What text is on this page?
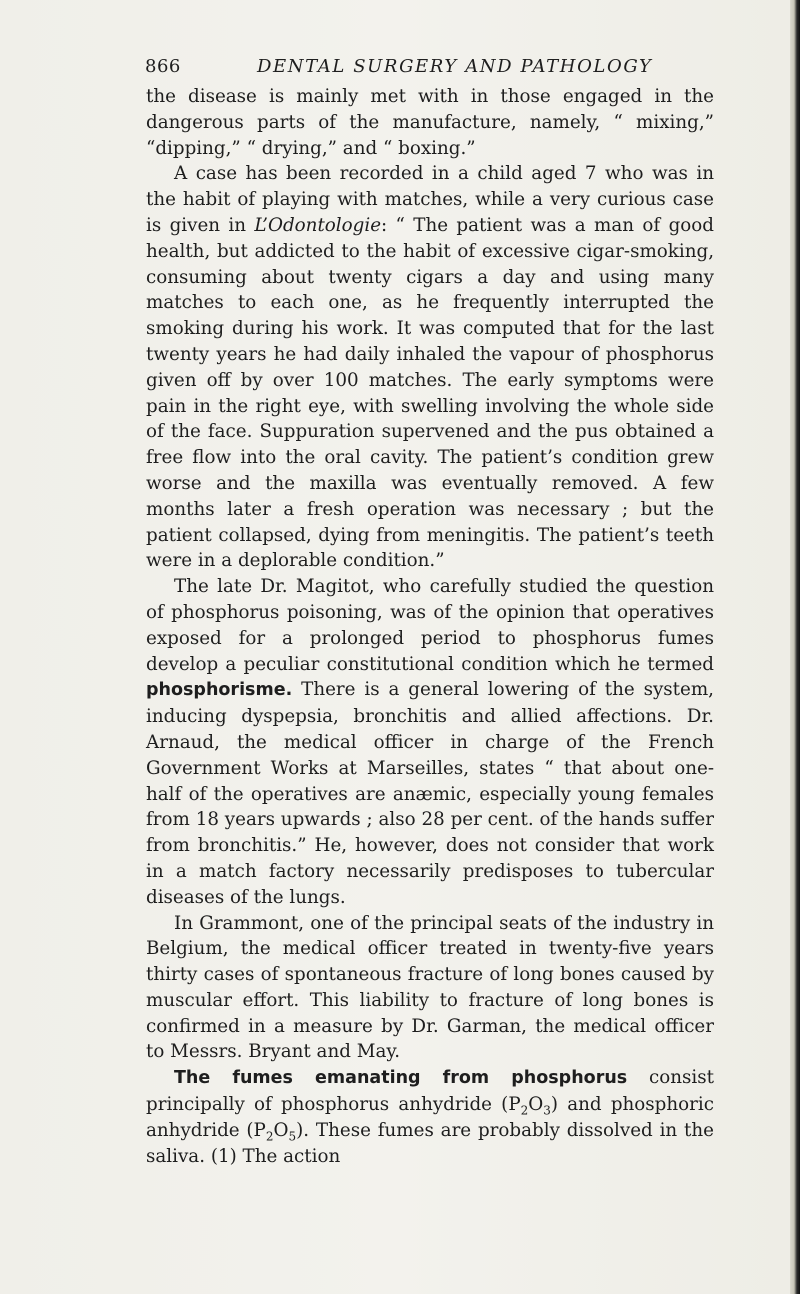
866	DENTAL SURGERY AND PATHOLOGY

the disease is mainly met with in those engaged in the dangerous parts of the manufacture, namely, “ mixing,” “dipping,” “ drying,” and “ boxing.”

A case has been recorded in a child aged 7 who was in the habit of playing with matches, while a very curious case is given in L’Odontologie: “ The patient was a man of good health, but addicted to the habit of excessive cigar-smoking, consuming about twenty cigars a day and using many matches to each one, as he frequently interrupted the smoking during his work. It was computed that for the last twenty years he had daily inhaled the vapour of phosphorus given off by over 100 matches. The early symptoms were pain in the right eye, with swelling involving the whole side of the face. Suppuration supervened and the pus obtained a free flow into the oral cavity. The patient’s condition grew worse and the maxilla was eventually removed. A few months later a fresh operation was necessary ; but the patient collapsed, dying from meningitis. The patient’s teeth were in a deplorable condition.”

The late Dr. Magitot, who carefully studied the question of phosphorus poisoning, was of the opinion that operatives exposed for a prolonged period to phosphorus fumes develop a peculiar constitutional condition which he termed phosphorisme. There is a general lowering of the system, inducing dyspepsia, bronchitis and allied affections. Dr. Arnaud, the medical officer in charge of the French Government Works at Marseilles, states “ that about one-half of the operatives are anæmic, especially young females from 18 years upwards ; also 28 per cent. of the hands suffer from bronchitis.” He, however, does not consider that work in a match factory necessarily predisposes to tubercular diseases of the lungs.

In Grammont, one of the principal seats of the industry in Belgium, the medical officer treated in twenty-five years thirty cases of spontaneous fracture of long bones caused by muscular effort. This liability to fracture of long bones is confirmed in a measure by Dr. Garman, the medical officer to Messrs. Bryant and May.

The fumes emanating from phosphorus consist principally of phosphorus anhydride $(P_2O_3)$ and phosphoric anhydride $(P_2O_5)$. These fumes are probably dissolved in the saliva. (1) The action
